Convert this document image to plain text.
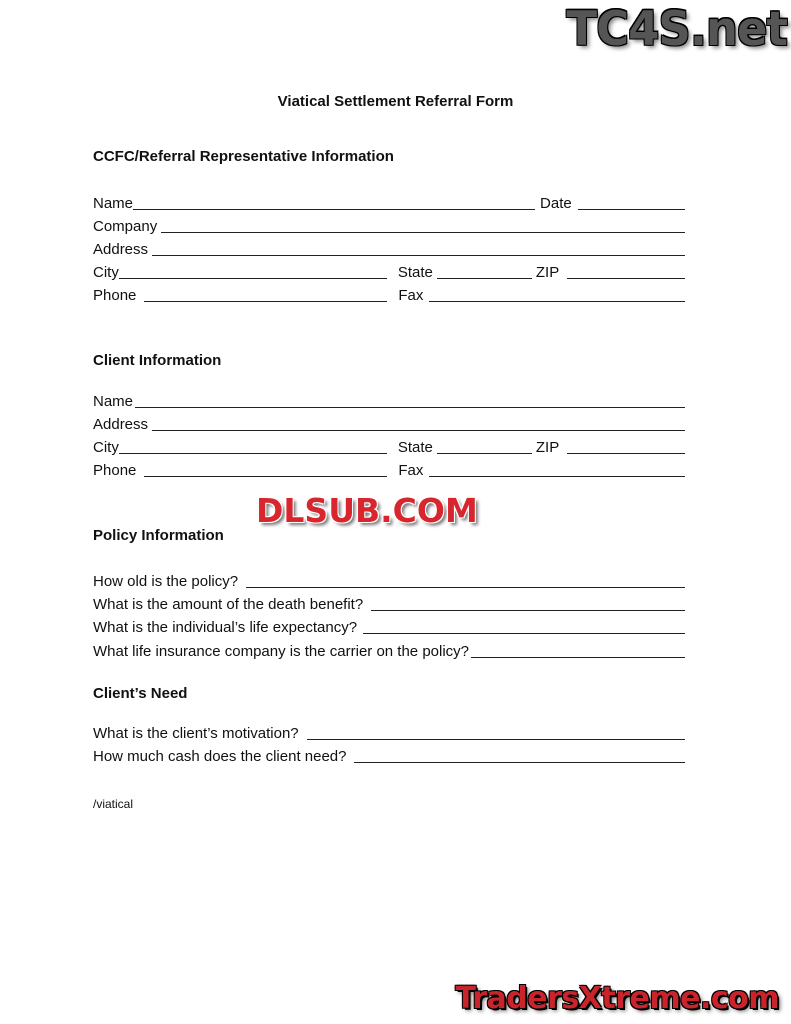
TC4S.net
Viatical Settlement Referral Form
CCFC/Referral Representative Information
Name	Date
Company
Address
City	State	ZIP
Phone	Fax
Client Information
Name
Address
City	State	ZIP
Phone	Fax
DLSUB.COM
Policy Information
How old is the policy?
What is the amount of the death benefit?
What is the individual’s life expectancy?
What life insurance company is the carrier on the policy?
Client’s Need
What is the client’s motivation?
How much cash does the client need?
/viatical
TradersXtreme.com
